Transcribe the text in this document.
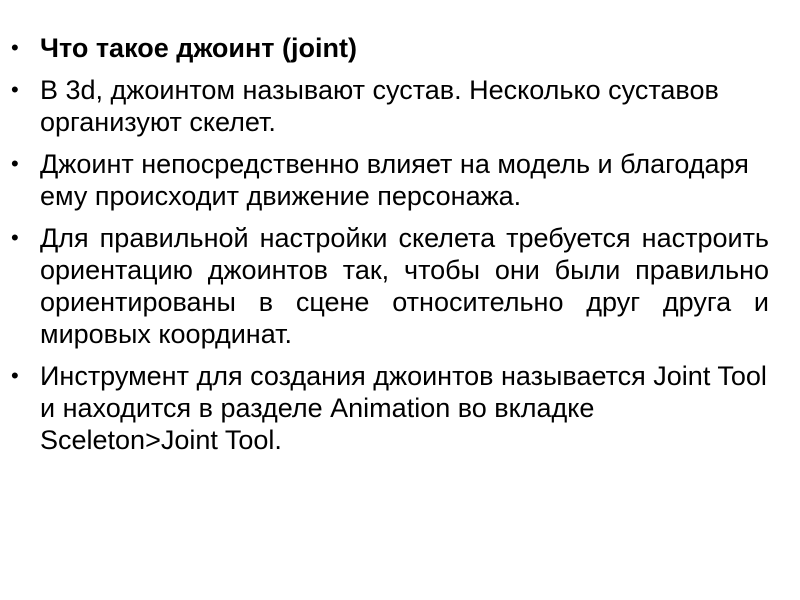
• Что такое джоинт (joint)
• В 3d, джоинтом называют сустав. Несколько суставов организуют скелет.
• Джоинт непосредственно влияет на модель и благодаря ему происходит движение персонажа.
• Для правильной настройки скелета требуется настроить ориентацию джоинтов так, чтобы они были правильно ориентированы в сцене относительно друг друга и мировых координат.
• Инструмент для создания джоинтов называется Joint Tool и находится в разделе Animation во вкладке Sceleton>Joint Tool.
